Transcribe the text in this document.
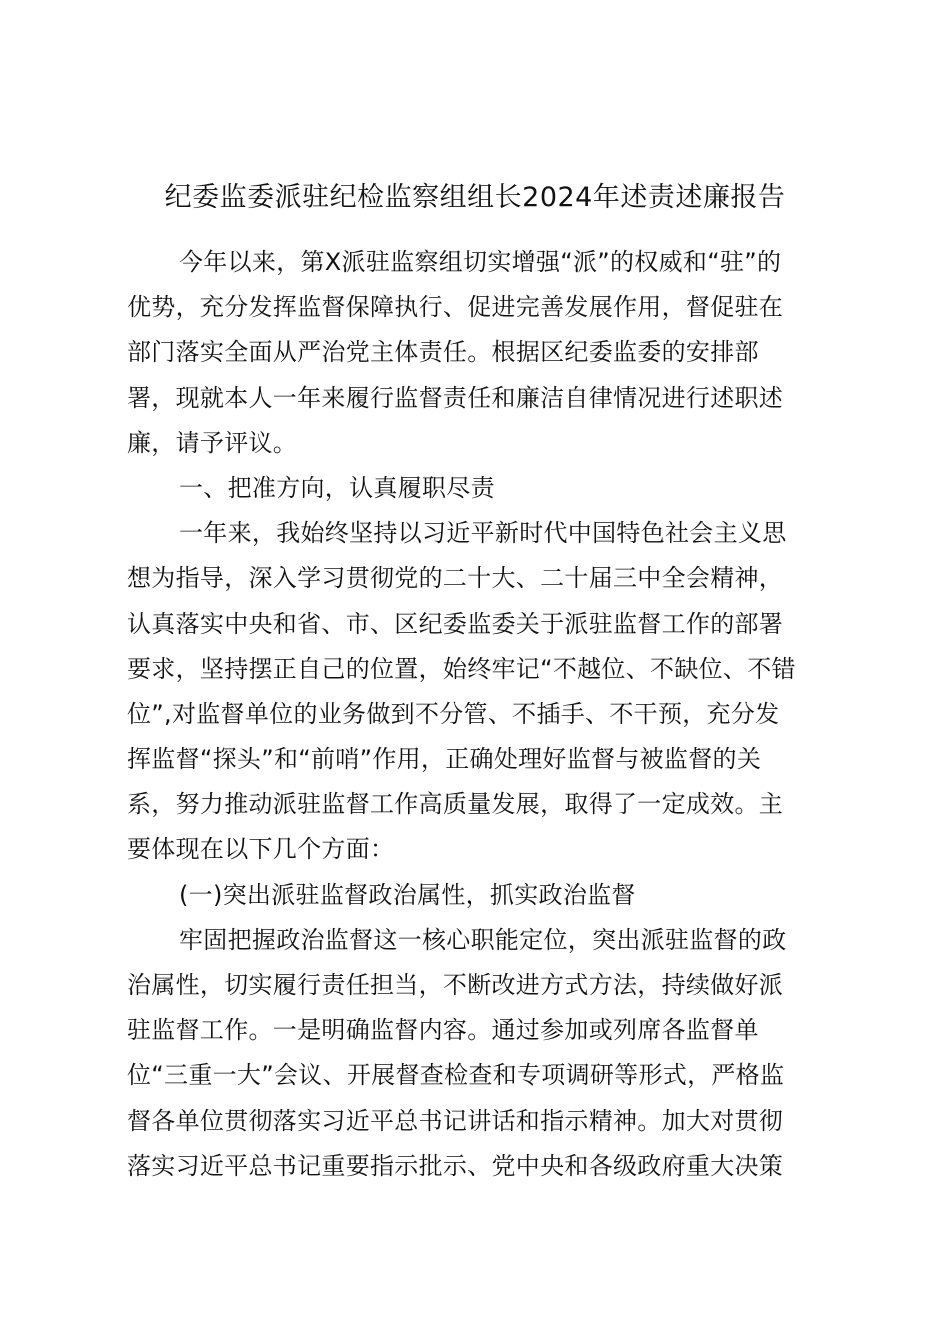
纪委监委派驻纪检监察组组长2024年述责述廉报告
今年以来，第X派驻监察组切实增强“派”的权威和“驻”的
优势，充分发挥监督保障执行、促进完善发展作用，督促驻在
部门落实全面从严治党主体责任。根据区纪委监委的安排部
署，现就本人一年来履行监督责任和廉洁自律情况进行述职述
廉，请予评议。
一、把准方向，认真履职尽责
一年来，我始终坚持以习近平新时代中国特色社会主义思
想为指导，深入学习贯彻党的二十大、二十届三中全会精神，
认真落实中央和省、市、区纪委监委关于派驻监督工作的部署
要求，坚持摆正自己的位置，始终牢记“不越位、不缺位、不错
位”,对监督单位的业务做到不分管、不插手、不干预，充分发
挥监督“探头”和“前哨”作用，正确处理好监督与被监督的关
系，努力推动派驻监督工作高质量发展，取得了一定成效。主
要体现在以下几个方面：
(一)突出派驻监督政治属性，抓实政治监督
牢固把握政治监督这一核心职能定位，突出派驻监督的政
治属性，切实履行责任担当，不断改进方式方法，持续做好派
驻监督工作。一是明确监督内容。通过参加或列席各监督单
位“三重一大”会议、开展督查检查和专项调研等形式，严格监
督各单位贯彻落实习近平总书记讲话和指示精神。加大对贯彻
落实习近平总书记重要指示批示、党中央和各级政府重大决策
